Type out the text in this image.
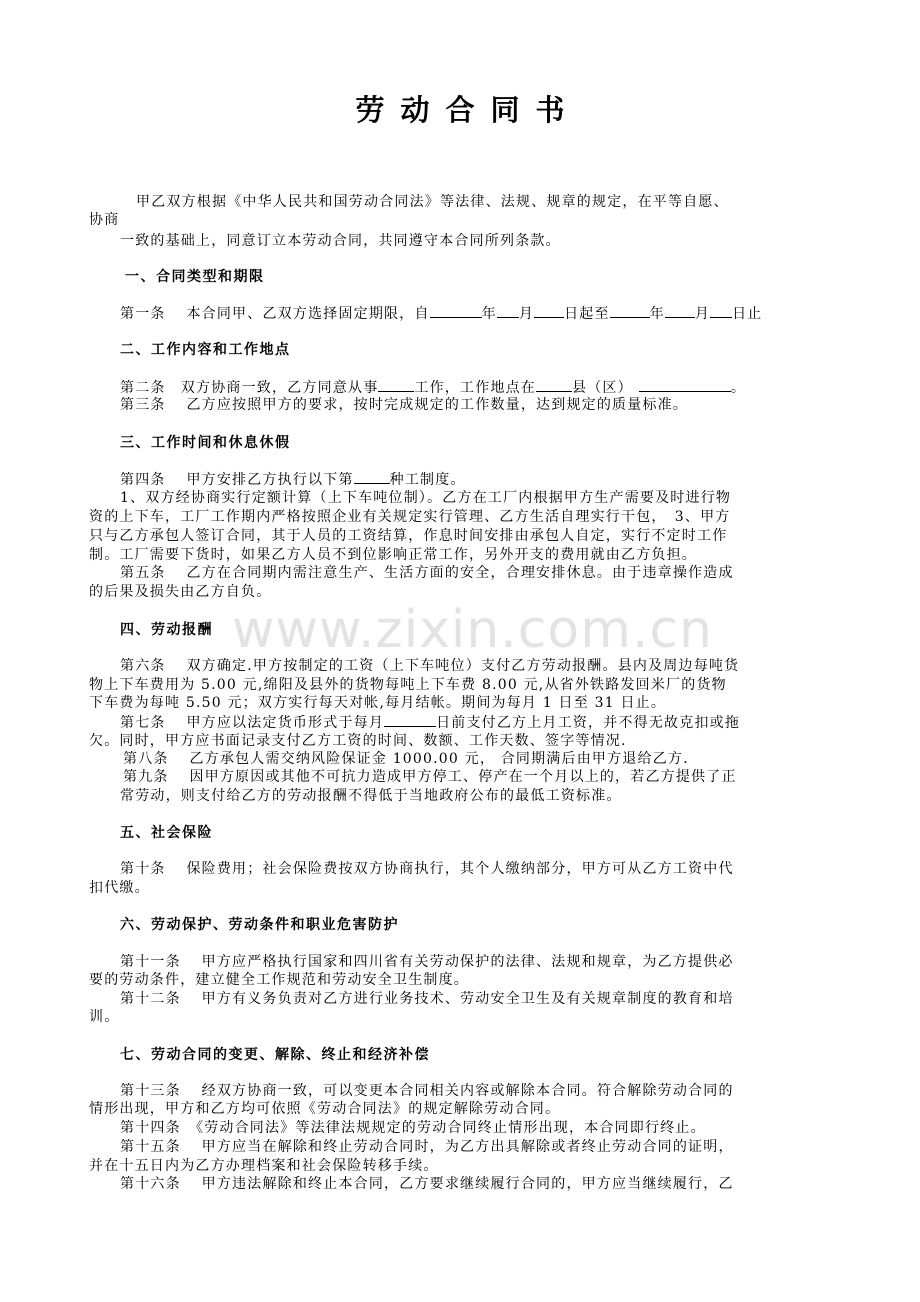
劳动合同书
www.zixin.com.cn
甲乙双方根据《中华人民共和国劳动合同法》等法律、法规、规章的规定，在平等自愿、
协商
一致的基础上，同意订立本劳动合同，共同遵守本合同所列条款。
一、合同类型和期限
第一条　 本合同甲、乙双方选择固定期限，自	年 月 日起至	年 月 日止
二、工作内容和工作地点
第二条　双方协商一致，乙方同意从事	工作，工作地点在	县（区）	。
第三条　 乙方应按照甲方的要求，按时完成规定的工作数量，达到规定的质量标准。
三、工作时间和休息休假
第四条　 甲方安排乙方执行以下第	种工制度。
1、双方经协商实行定额计算（上下车吨位制）。乙方在工厂内根据甲方生产需要及时进行物
资的上下车，工厂工作期内严格按照企业有关规定实行管理、乙方生活自理实行干包，　3、甲方
只与乙方承包人签订合同，其于人员的工资结算，作息时间安排由承包人自定，实行不定时工作
制。工厂需要下货时，如果乙方人员不到位影响正常工作，另外开支的费用就由乙方负担。
第五条　 乙方在合同期内需注意生产、生活方面的安全，合理安排休息。由于违章操作造成
的后果及损失由乙方自负。
四、劳动报酬
第六条　 双方确定.甲方按制定的工资（上下车吨位）支付乙方劳动报酬。县内及周边每吨货
物上下车费用为 5.00 元,绵阳及县外的货物每吨上下车费 8.00 元,从省外铁路发回米厂的货物
下车费为每吨 5.50 元；双方实行每天对帐,每月结帐。期间为每月 1 日至 31 日止。
第七条　 甲方应以法定货币形式于每月	日前支付乙方上月工资，并不得无故克扣或拖
欠。同时，甲方应书面记录支付乙方工资的时间、数额、工作天数、签字等情况.
第八条　 乙方承包人需交纳风险保证金 1000.00 元， 合同期满后由甲方退给乙方.
第九条　 因甲方原因或其他不可抗力造成甲方停工、停产在一个月以上的，若乙方提供了正
常劳动，则支付给乙方的劳动报酬不得低于当地政府公布的最低工资标准。
五、社会保险
第十条　 保险费用；社会保险费按双方协商执行，其个人缴纳部分，甲方可从乙方工资中代
扣代缴。
六、劳动保护、劳动条件和职业危害防护
第十一条　 甲方应严格执行国家和四川省有关劳动保护的法律、法规和规章，为乙方提供必
要的劳动条件，建立健全工作规范和劳动安全卫生制度。
第十二条　 甲方有义务负责对乙方进行业务技术、劳动安全卫生及有关规章制度的教育和培
训。
七、劳动合同的变更、解除、终止和经济补偿
第十三条　 经双方协商一致，可以变更本合同相关内容或解除本合同。符合解除劳动合同的
情形出现，甲方和乙方均可依照《劳动合同法》的规定解除劳动合同。
第十四条　《劳动合同法》等法律法规规定的劳动合同终止情形出现，本合同即行终止。
第十五条　 甲方应当在解除和终止劳动合同时，为乙方出具解除或者终止劳动合同的证明，
并在十五日内为乙方办理档案和社会保险转移手续。
第十六条　 甲方违法解除和终止本合同，乙方要求继续履行合同的，甲方应当继续履行，乙
